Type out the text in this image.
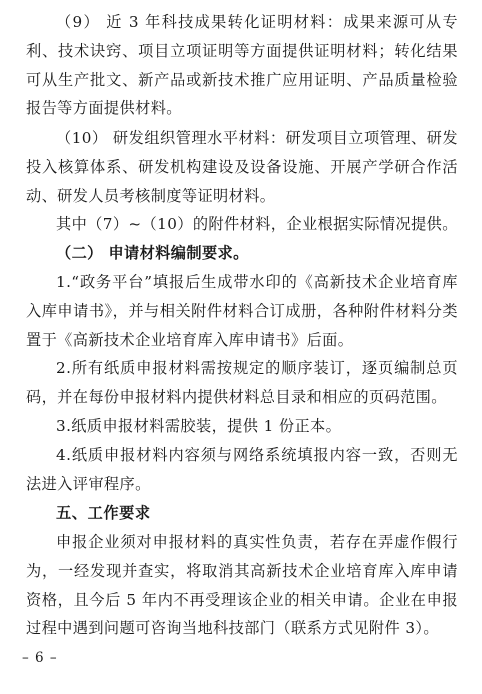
（9） 近 3 年科技成果转化证明材料：成果来源可从专利、技术诀窍、项目立项证明等方面提供证明材料；转化结果可从生产批文、新产品或新技术推广应用证明、产品质量检验报告等方面提供材料。

（10） 研发组织管理水平材料：研发项目立项管理、研发投入核算体系、研发机构建设及设备设施、开展产学研合作活动、研发人员考核制度等证明材料。

其中（7）~（10）的附件材料，企业根据实际情况提供。

（二） 申请材料编制要求。

1.“政务平台”填报后生成带水印的《高新技术企业培育库入库申请书》，并与相关附件材料合订成册，各种附件材料分类置于《高新技术企业培育库入库申请书》后面。

2.所有纸质申报材料需按规定的顺序装订，逐页编制总页码，并在每份申报材料内提供材料总目录和相应的页码范围。

3.纸质申报材料需胶装，提供 1 份正本。

4.纸质申报材料内容须与网络系统填报内容一致，否则无法进入评审程序。

五、工作要求

申报企业须对申报材料的真实性负责，若存在弄虚作假行为，一经发现并查实，将取消其高新技术企业培育库入库申请资格，且今后 5 年内不再受理该企业的相关申请。企业在申报过程中遇到问题可咨询当地科技部门（联系方式见附件 3）。

– 6 –
